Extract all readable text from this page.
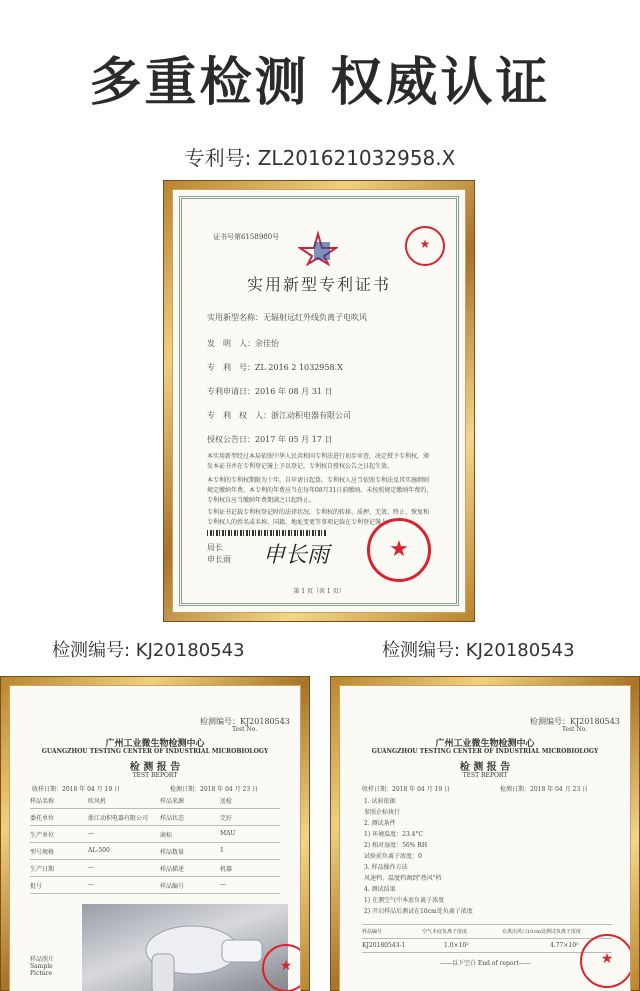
多重检测 权威认证
专利号: ZL201621032958.X
证书号第6158980号	★
实用新型专利证书
实用新型名称：无辐射远红外线负离子电吹风
发　明　人：余佳怡
专　利　号：ZL 2016 2 1032958.X
专利申请日：2016 年 08 月 31 日
专　利　权　人：浙江动积电器有限公司
授权公告日：2017 年 05 月 17 日
本实用新型经过本局依照中华人民共和国专利法进行初步审查，决定授予专利权，颁发本证书并在专利登记簿上予以登记。专利权自授权公告之日起生效。
本专利的专利权期限为十年，自申请日起算。专利权人应当依照专利法及其实施细则规定缴纳年费。本专利的年费应当在每年08月31日前缴纳。未按照规定缴纳年费的，专利权自应当缴纳年费期满之日起终止。
专利证书记载专利权登记时的法律状况。专利权的转移、质押、无效、终止、恢复和专利权人的姓名或名称、国籍、地址变更等事项记载在专利登记簿上。
局长
申长雨 申长雨	★
第 1 页（共 1 页）
检测编号: KJ20180543	检测编号: KJ20180543
检测编号：KJ20180543
Test No.
广州工业微生物检测中心
GUANGZHOU TESTING CENTER OF INDUSTRIAL MICROBIOLOGY
检 测 报 告
TEST REPORT
收样日期：2018 年 04 月 19 日	检测日期：2018 年 04 月 23 日
样品名称	吹风机	样品来源	送检
委托单位	浙江动积电器有限公司 样品状态	完好
生产单位	—	商标	MAU
型号规格	AL-500	样品数量	1
生产日期	—	样品描述	机器
批号	—	样品编号	—
样品照片 Sample Picture	★
检测编号：KJ20180543
Test No.
广州工业微生物检测中心
GUANGZHOU TESTING CENTER OF INDUSTRIAL MICROBIOLOGY
检 测 报 告
TEST REPORT
收样日期：2018 年 04 月 19 日	检测日期：2018 年 04 月 23 日
1. 试验依据
参照企标执行
2. 测试条件
1) 环境温度：23.4°C
2) 相对湿度：56% RH
试验前负离子浓度：0
3. 样品操作方法
风速档、温度档调到"热风"档
4. 测试结果
1) 在测空气中本底负离子浓度
2) 开启样品后测试在10cm处负离子浓度
样品编号	空气本底负离子浓度	在离出风口10cm处测试负离子浓度
KJ20180543-1	1.0×10²	4.77×10⁵
——以下空白 End of report——	★
